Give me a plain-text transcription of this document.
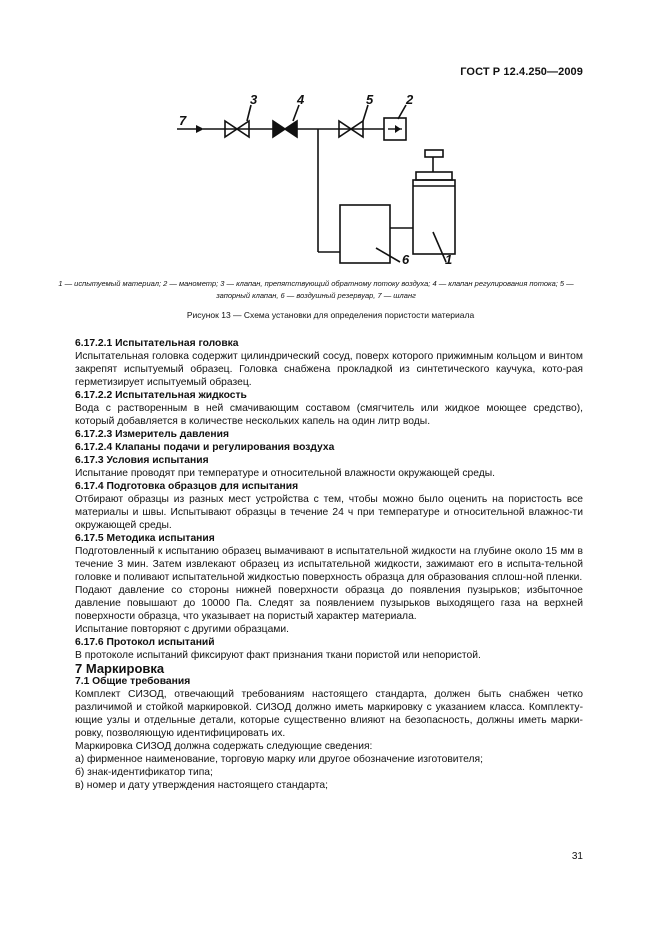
ГОСТ Р 12.4.250—2009
7
3	4	5	2
6	1
1 — испытуемый материал; 2 — манометр; 3 — клапан, препятствующий обратному потоку воздуха; 4 — клапан регулирования потока; 5 — запорный клапан, 6 — воздушный резервуар, 7 — шланг
Рисунок 13 — Схема установки для определения пористости материала

6.17.2.1 Испытательная головка

Испытательная головка содержит цилиндрический сосуд, поверх которого прижимным кольцом и винтом закрепят испытуемый образец. Головка снабжена прокладкой из синтетического каучука, кото-рая герметизирует испытуемый образец.

6.17.2.2 Испытательная жидкость

Вода с растворенным в ней смачивающим составом (смягчитель или жидкое моющее средство), который добавляется в количестве нескольких капель на один литр воды.

6.17.2.3 Измеритель давления

6.17.2.4 Клапаны подачи и регулирования воздуха

6.17.3 Условия испытания

Испытание проводят при температуре и относительной влажности окружающей среды.

6.17.4 Подготовка образцов для испытания

Отбирают образцы из разных мест устройства с тем, чтобы можно было оценить на пористость все материалы и швы. Испытывают образцы в течение 24 ч при температуре и относительной влажнос-ти окружающей среды.

6.17.5 Методика испытания

Подготовленный к испытанию образец вымачивают в испытательной жидкости на глубине около 15 мм в течение 3 мин. Затем извлекают образец из испытательной жидкости, зажимают его в испыта-тельной головке и поливают испытательной жидкостью поверхность образца для образования сплош-ной пленки.

Подают давление со стороны нижней поверхности образца до появления пузырьков; избыточное давление повышают до 10000 Па. Следят за появлением пузырьков выходящего газа на верхней поверхности образца, что указывает на пористый характер материала.

Испытание повторяют с другими образцами.

6.17.6 Протокол испытаний

В протоколе испытаний фиксируют факт признания ткани пористой или непористой.

7 Маркировка

7.1 Общие требования

Комплект СИЗОД, отвечающий требованиям настоящего стандарта, должен быть снабжен четко различимой и стойкой маркировкой. СИЗОД должно иметь маркировку с указанием класса. Комплекту-ющие узлы и отдельные детали, которые существенно влияют на безопасность, должны иметь марки-ровку, позволяющую идентифицировать их.

Маркировка СИЗОД должна содержать следующие сведения:

а) фирменное наименование, торговую марку или другое обозначение изготовителя;

б) знак-идентификатор типа;

в) номер и дату утверждения настоящего стандарта;

31
